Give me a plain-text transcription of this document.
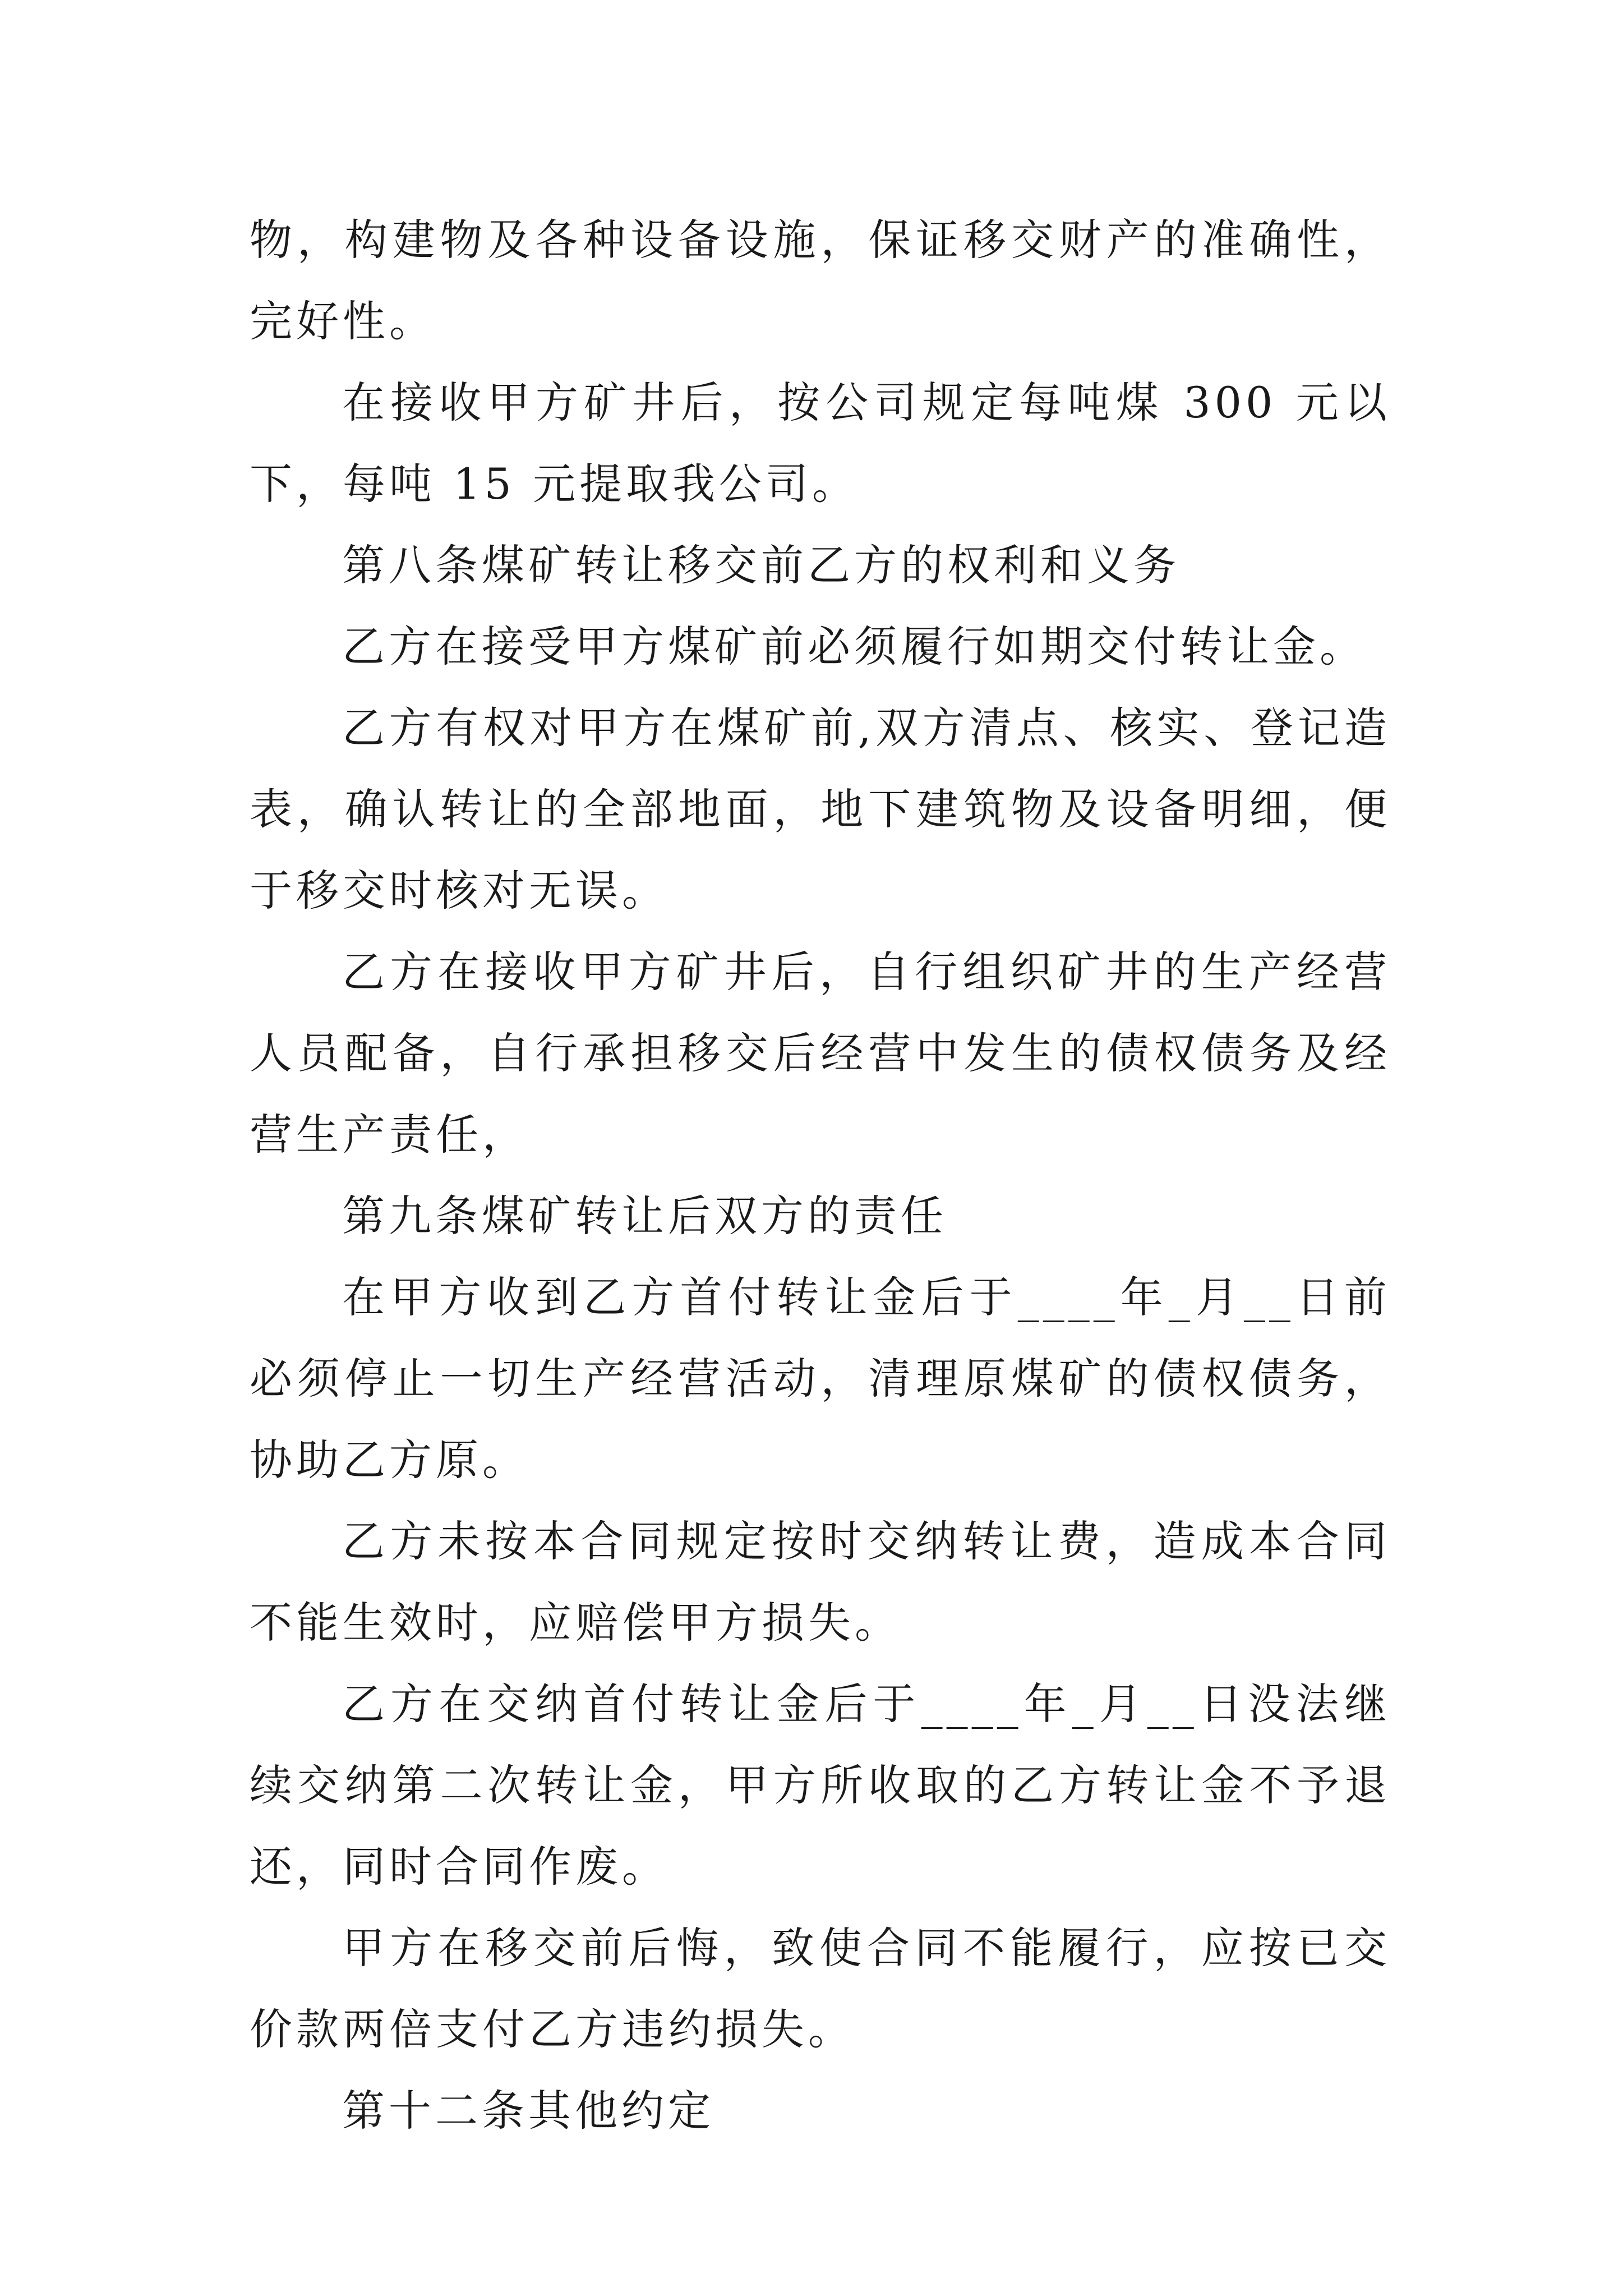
物，构建物及各种设备设施，保证移交财产的准确性，完好性。

在接收甲方矿井后，按公司规定每吨煤 300 元以下，每吨 15 元提取我公司。

第八条煤矿转让移交前乙方的权利和义务

乙方在接受甲方煤矿前必须履行如期交付转让金。

乙方有权对甲方在煤矿前,双方清点、核实、登记造表，确认转让的全部地面，地下建筑物及设备明细，便于移交时核对无误。

乙方在接收甲方矿井后，自行组织矿井的生产经营人员配备，自行承担移交后经营中发生的债权债务及经营生产责任，

第九条煤矿转让后双方的责任

在甲方收到乙方首付转让金后于____年_月__日前必须停止一切生产经营活动，清理原煤矿的债权债务，协助乙方原。

乙方未按本合同规定按时交纳转让费，造成本合同不能生效时，应赔偿甲方损失。

乙方在交纳首付转让金后于____年_月__日没法继续交纳第二次转让金，甲方所收取的乙方转让金不予退还，同时合同作废。

甲方在移交前后悔，致使合同不能履行，应按已交价款两倍支付乙方违约损失。

第十二条其他约定
